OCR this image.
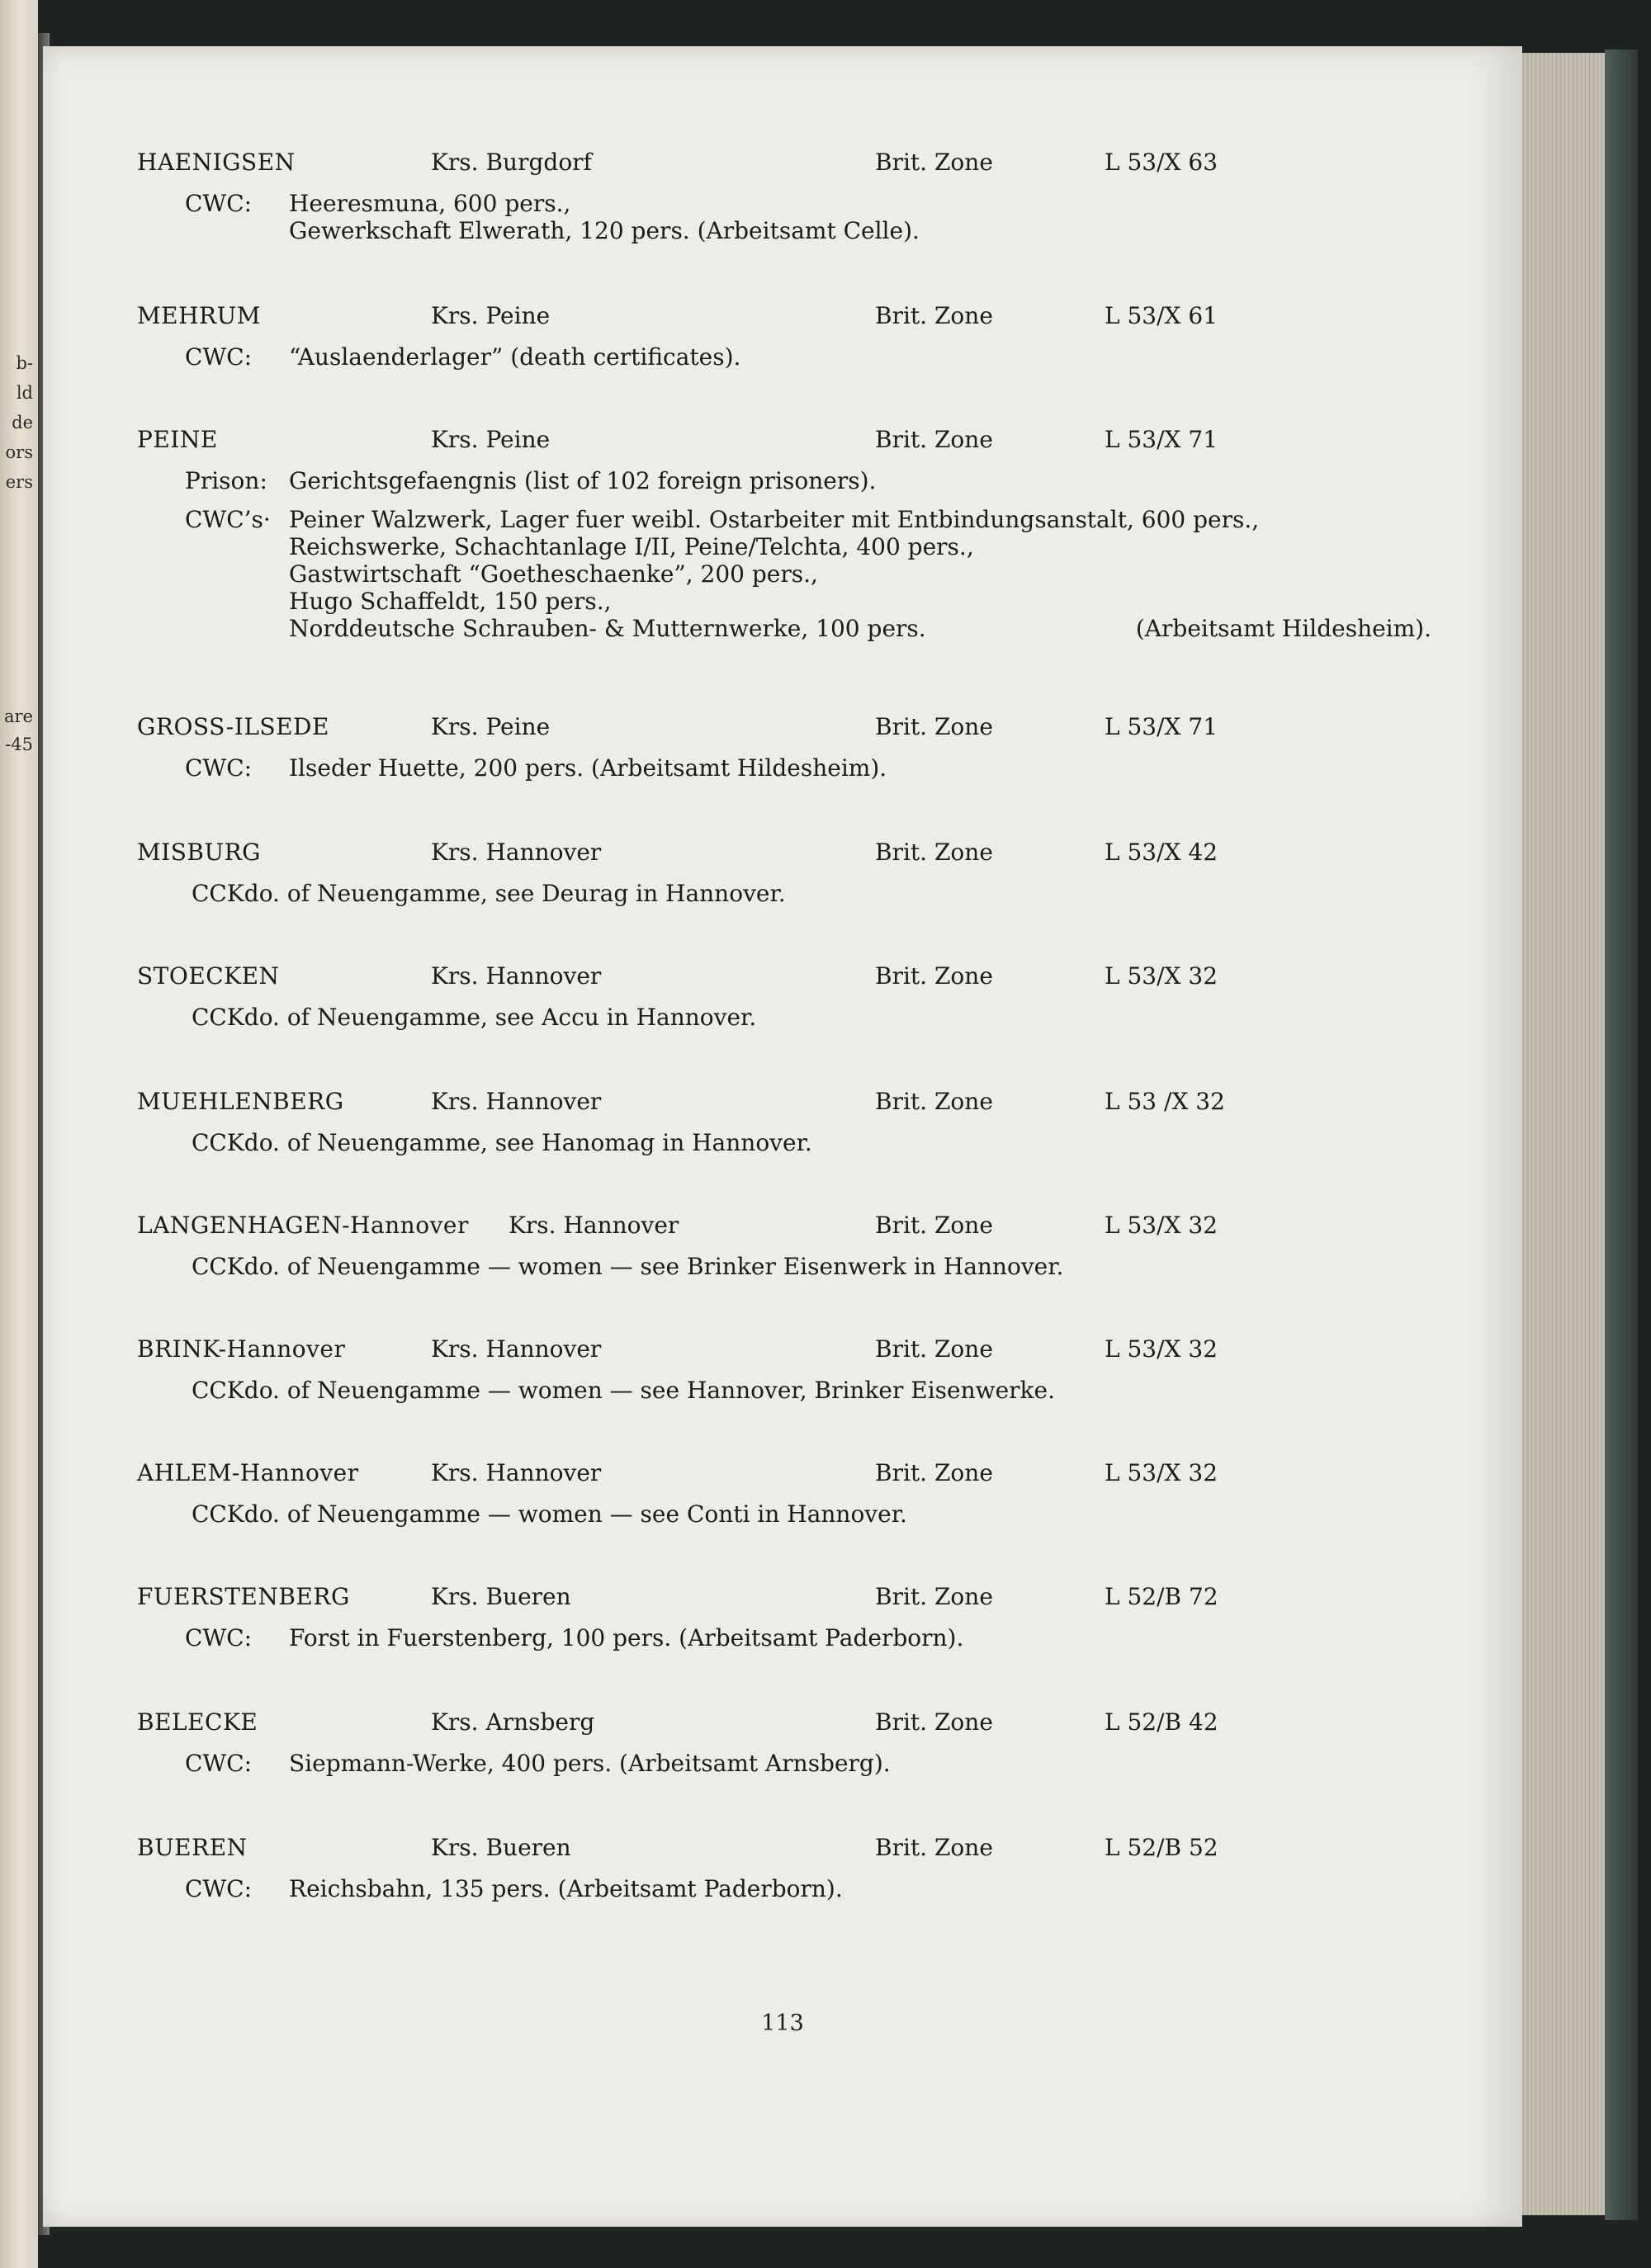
b-
ld
de
ors
ers
are
-45
113
HAENIGSEN	Krs. Burgdorf	Brit. Zone	L 53/X 63
CWC: Heeresmuna, 600 pers.,
Gewerkschaft Elwerath, 120 pers. (Arbeitsamt Celle).
MEHRUM	Krs. Peine	Brit. Zone	L 53/X 61
CWC: “Auslaenderlager” (death certificates).
PEINE	Krs. Peine	Brit. Zone	L 53/X 71
Prison: Gerichtsgefaengnis (list of 102 foreign prisoners).
CWC’s· Peiner Walzwerk, Lager fuer weibl. Ostarbeiter mit Entbindungsanstalt, 600 pers.,
Reichswerke, Schachtanlage I/II, Peine/Telchta, 400 pers.,
Gastwirtschaft “Goetheschaenke”, 200 pers.,
Hugo Schaffeldt, 150 pers.,
Norddeutsche Schrauben- & Mutternwerke, 100 pers.	(Arbeitsamt Hildesheim).
GROSS-ILSEDE	Krs. Peine	Brit. Zone	L 53/X 71
CWC: Ilseder Huette, 200 pers. (Arbeitsamt Hildesheim).
MISBURG	Krs. Hannover	Brit. Zone	L 53/X 42
CCKdo. of Neuengamme, see Deurag in Hannover.
STOECKEN	Krs. Hannover	Brit. Zone	L 53/X 32
CCKdo. of Neuengamme, see Accu in Hannover.
MUEHLENBERG	Krs. Hannover	Brit. Zone	L 53 /X 32
CCKdo. of Neuengamme, see Hanomag in Hannover.
LANGENHAGEN-Hannover Krs. Hannover	Brit. Zone	L 53/X 32
CCKdo. of Neuengamme — women — see Brinker Eisenwerk in Hannover.
BRINK-Hannover	Krs. Hannover	Brit. Zone	L 53/X 32
CCKdo. of Neuengamme — women — see Hannover, Brinker Eisenwerke.
AHLEM-Hannover	Krs. Hannover	Brit. Zone	L 53/X 32
CCKdo. of Neuengamme — women — see Conti in Hannover.
FUERSTENBERG	Krs. Bueren	Brit. Zone	L 52/B 72
CWC: Forst in Fuerstenberg, 100 pers. (Arbeitsamt Paderborn).
BELECKE	Krs. Arnsberg	Brit. Zone	L 52/B 42
CWC: Siepmann-Werke, 400 pers. (Arbeitsamt Arnsberg).
BUEREN	Krs. Bueren	Brit. Zone	L 52/B 52
CWC: Reichsbahn, 135 pers. (Arbeitsamt Paderborn).
